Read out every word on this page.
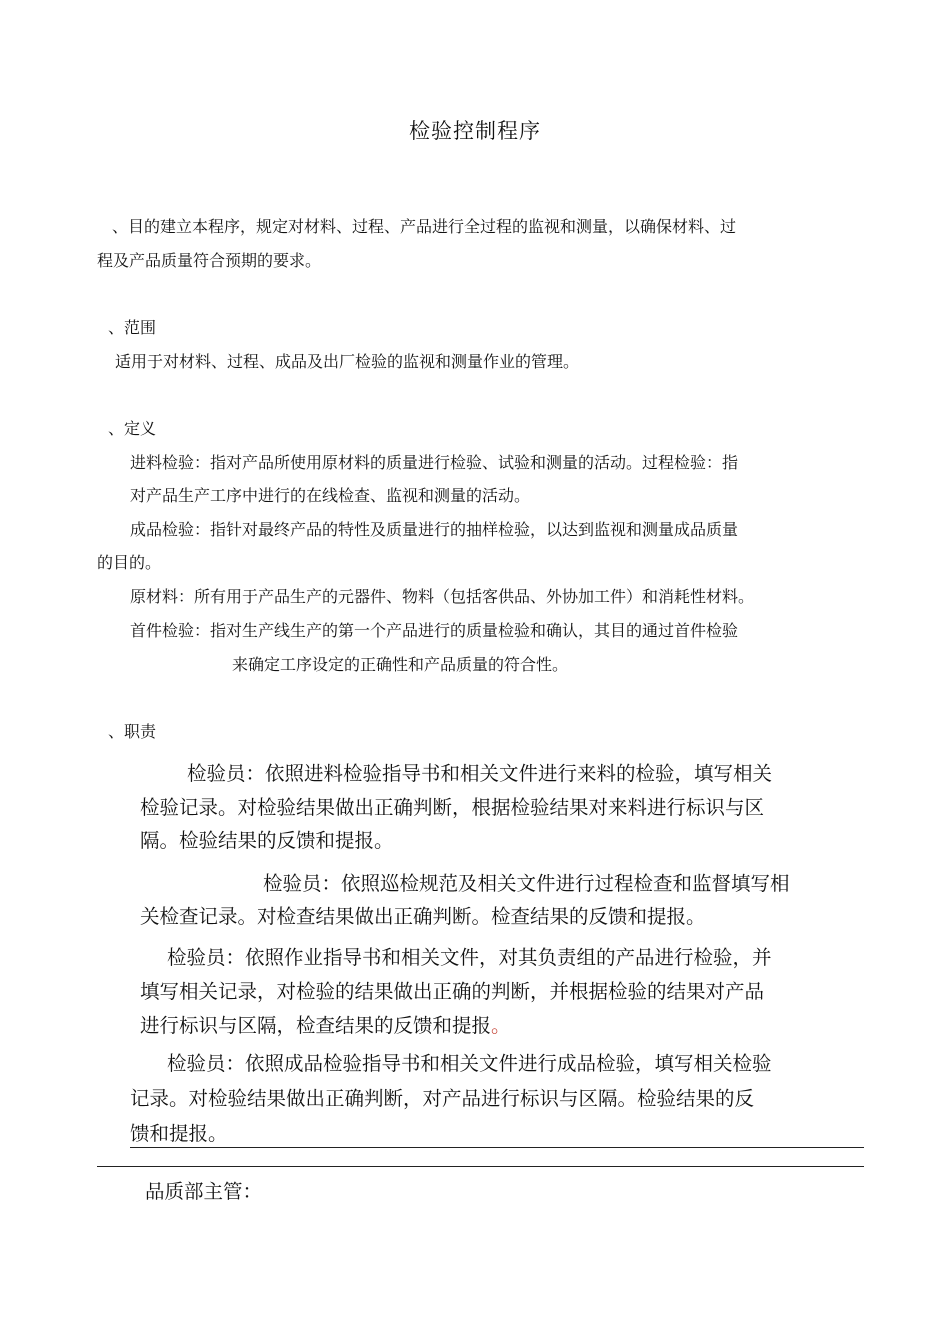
检验控制程序
、目的建立本程序，规定对材料、过程、产品进行全过程的监视和测量，以确保材料、过
程及产品质量符合预期的要求。
、范围
适用于对材料、过程、成品及出厂检验的监视和测量作业的管理。
、定义
进料检验：指对产品所使用原材料的质量进行检验、试验和测量的活动。过程检验：指
对产品生产工序中进行的在线检查、监视和测量的活动。
成品检验：指针对最终产品的特性及质量进行的抽样检验，以达到监视和测量成品质量
的目的。
原材料：所有用于产品生产的元器件、物料（包括客供品、外协加工件）和消耗性材料。
首件检验：指对生产线生产的第一个产品进行的质量检验和确认，其目的通过首件检验
来确定工序设定的正确性和产品质量的符合性。
、职责
检验员：依照进料检验指导书和相关文件进行来料的检验，填写相关
检验记录。对检验结果做出正确判断，根据检验结果对来料进行标识与区
隔。检验结果的反馈和提报。
检验员：依照巡检规范及相关文件进行过程检查和监督填写相
关检查记录。对检查结果做出正确判断。检查结果的反馈和提报。
检验员：依照作业指导书和相关文件，对其负责组的产品进行检验，并
填写相关记录，对检验的结果做出正确的判断，并根据检验的结果对产品
进行标识与区隔，检查结果的反馈和提报。
检验员：依照成品检验指导书和相关文件进行成品检验，填写相关检验
记录。对检验结果做出正确判断，对产品进行标识与区隔。检验结果的反
馈和提报。
品质部主管：
